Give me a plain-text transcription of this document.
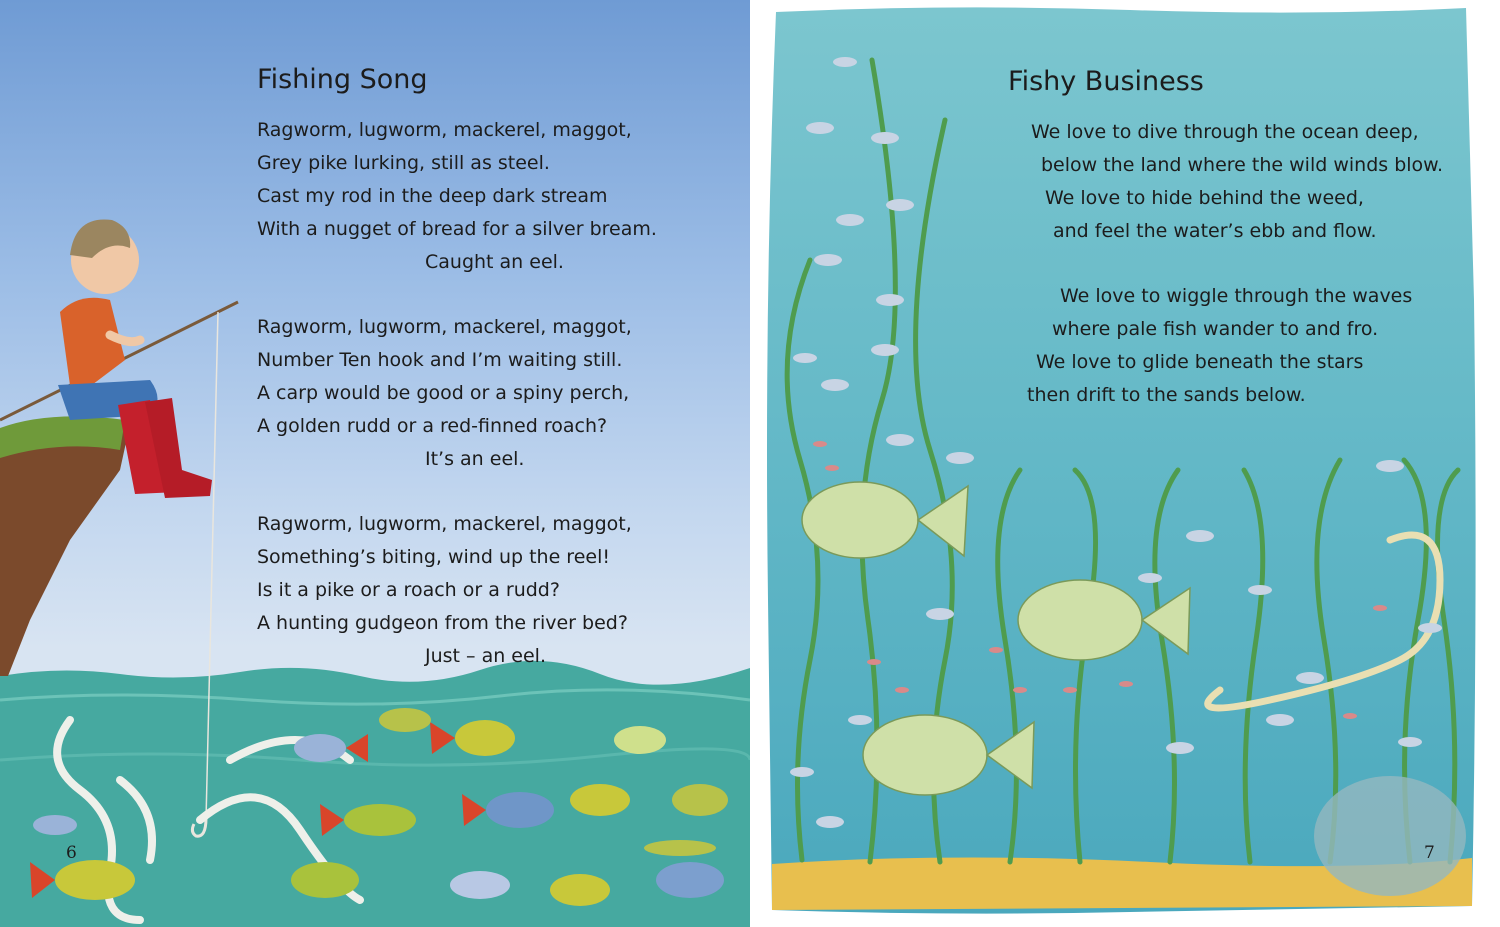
Fishing Song
Ragworm, lugworm, mackerel, maggot,
Grey pike lurking, still as steel.
Cast my rod in the deep dark stream
With a nugget of bread for a silver bream.
Caught an eel.
Ragworm, lugworm, mackerel, maggot,
Number Ten hook and I’m waiting still.
A carp would be good or a spiny perch,
A golden rudd or a red-finned roach?
It’s an eel.
Ragworm, lugworm, mackerel, maggot,
Something’s biting, wind up the reel!
Is it a pike or a roach or a rudd?
A hunting gudgeon from the river bed?
Just – an eel.
6
Fishy Business
We love to dive through the ocean deep,
below the land where the wild winds blow.
We love to hide behind the weed,
and feel the water’s ebb and flow.
We love to wiggle through the waves
where pale fish wander to and fro.
We love to glide beneath the stars
then drift to the sands below.
7
